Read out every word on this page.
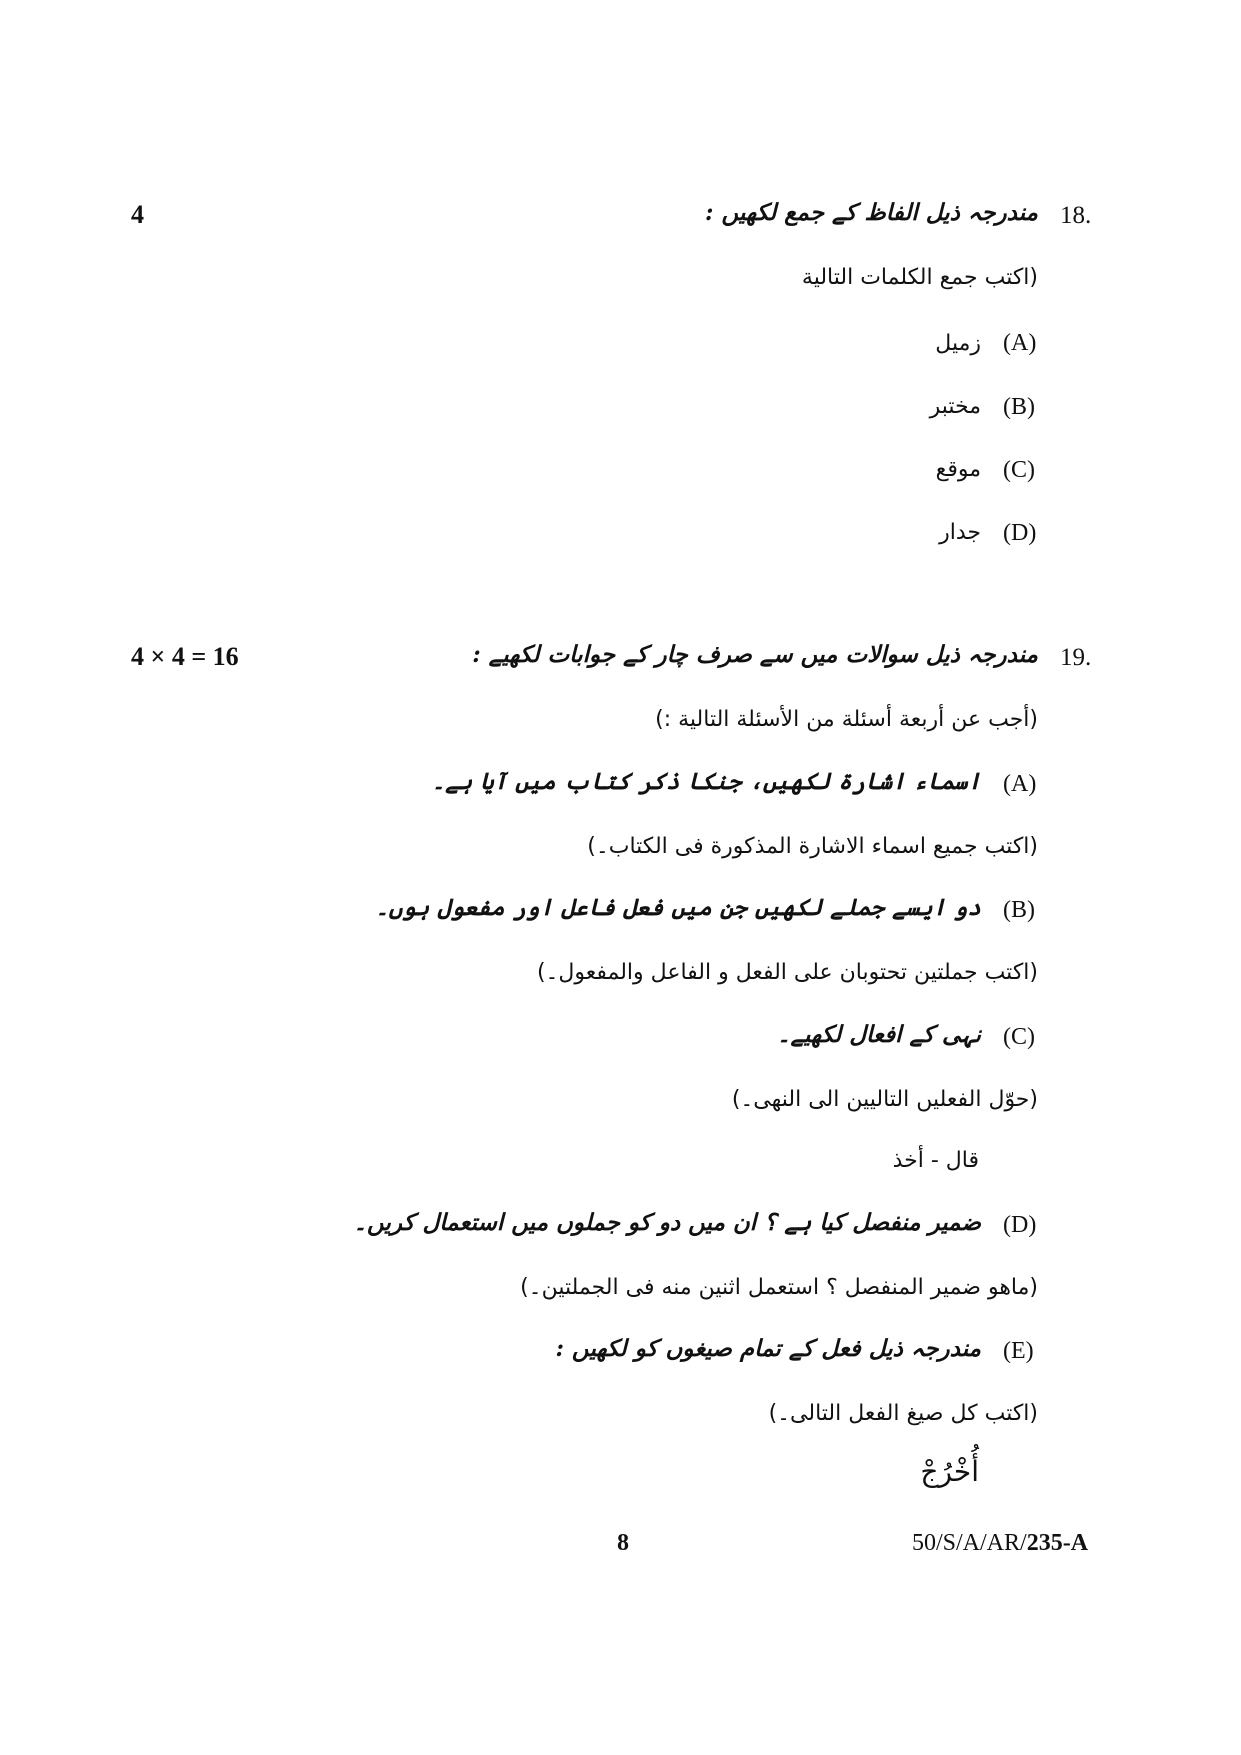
18.
4	مندرجہ ذیل الفاظ کے جمع لکھیں :
(اكتب جمع الكلمات التالية
(A)
زميل
(B)
مختبر
(C)
موقع
(D)
جدار
19.
4 × 4 = 16	مندرجہ ذیل سوالات میں سے صرف چار کے جوابات لکھیے :
(أجب عن أربعة أسئلة من الأسئلة التالية :)
(A)
اسماء اشارة لکھیں، جنکا ذکر کتاب میں آیا ہے۔
(اكتب جميع اسماء الاشارة المذكورة فى الكتاب۔)
(B)
دو ایسے جملے لکھیں جن میں فعل فاعل اور مفعول ہوں۔
(اكتب جملتين تحتوبان على الفعل و الفاعل والمفعول۔)
(C)
نہی کے افعال لکھیے۔
(حوّل الفعليں التاليين الى النهى۔)
قال - أخذ
(D)
ضمیر منفصل کیا ہے ؟ ان میں دو کو جملوں میں استعمال کریں۔
(ماهو ضمير المنفصل ؟ استعمل اثنين منه فى الجملتين۔)
(E)
مندرجہ ذیل فعل کے تمام صیغوں کو لکھیں :
(اكتب كل صيغ الفعل التالى۔)
أُخْرُجْ
8	50/S/A/AR/235-A
